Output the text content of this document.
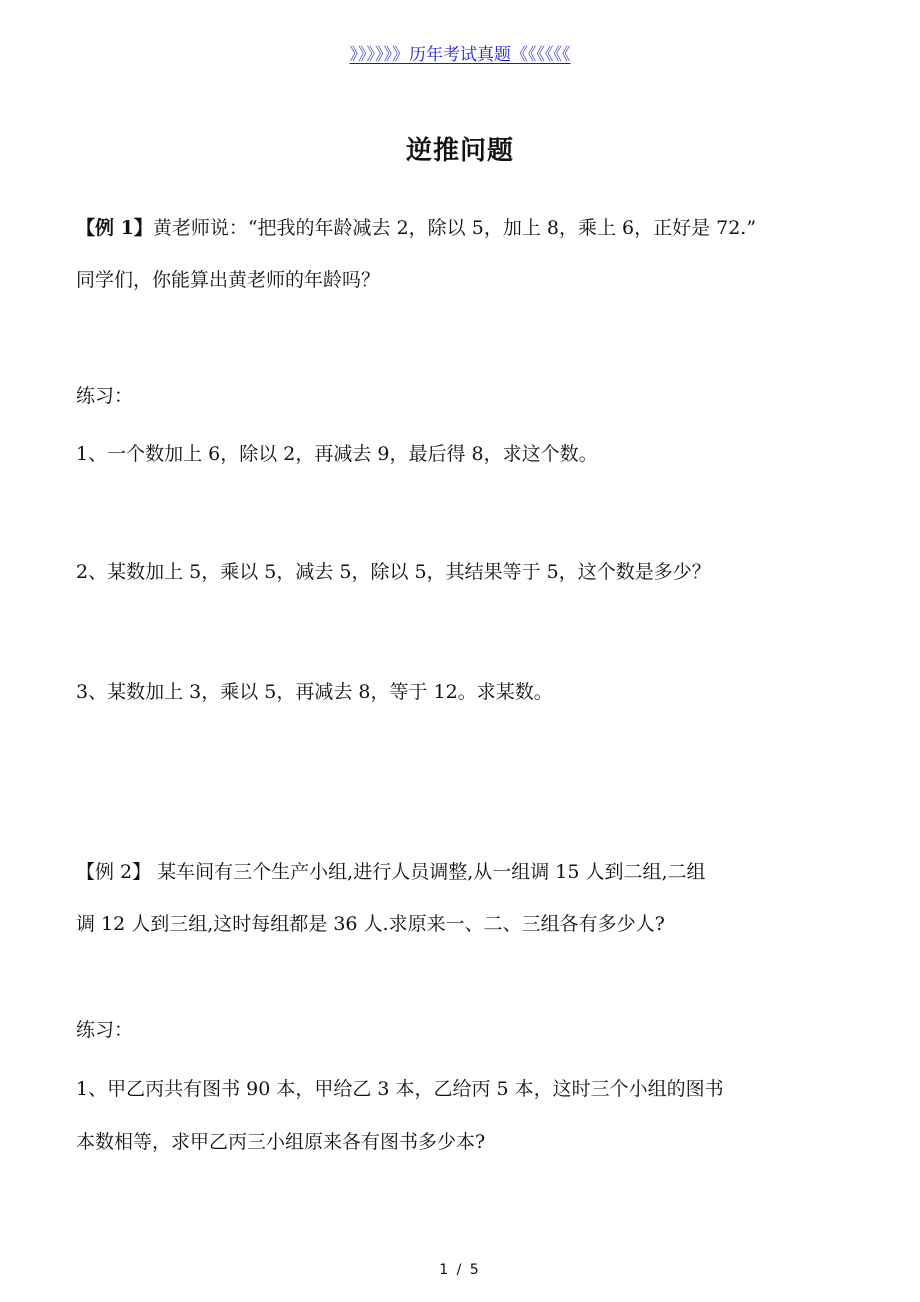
》》》》》》历年考试真题《《《《《《
逆推问题
【例 1】黄老师说：“把我的年龄减去 2，除以 5，加上 8，乘上 6，正好是 72.”
同学们，你能算出黄老师的年龄吗？
练习：
1、一个数加上 6，除以 2，再减去 9，最后得 8，求这个数。
2、某数加上 5，乘以 5，减去 5，除以 5，其结果等于 5，这个数是多少？
3、某数加上 3，乘以 5，再减去 8，等于 12。求某数。
【例 2】 某车间有三个生产小组,进行人员调整,从一组调 15 人到二组,二组
调 12 人到三组,这时每组都是 36 人.求原来一、二、三组各有多少人?
练习：
1、甲乙丙共有图书 90 本，甲给乙 3 本，乙给丙 5 本，这时三个小组的图书
本数相等，求甲乙丙三小组原来各有图书多少本?
1 / 5
